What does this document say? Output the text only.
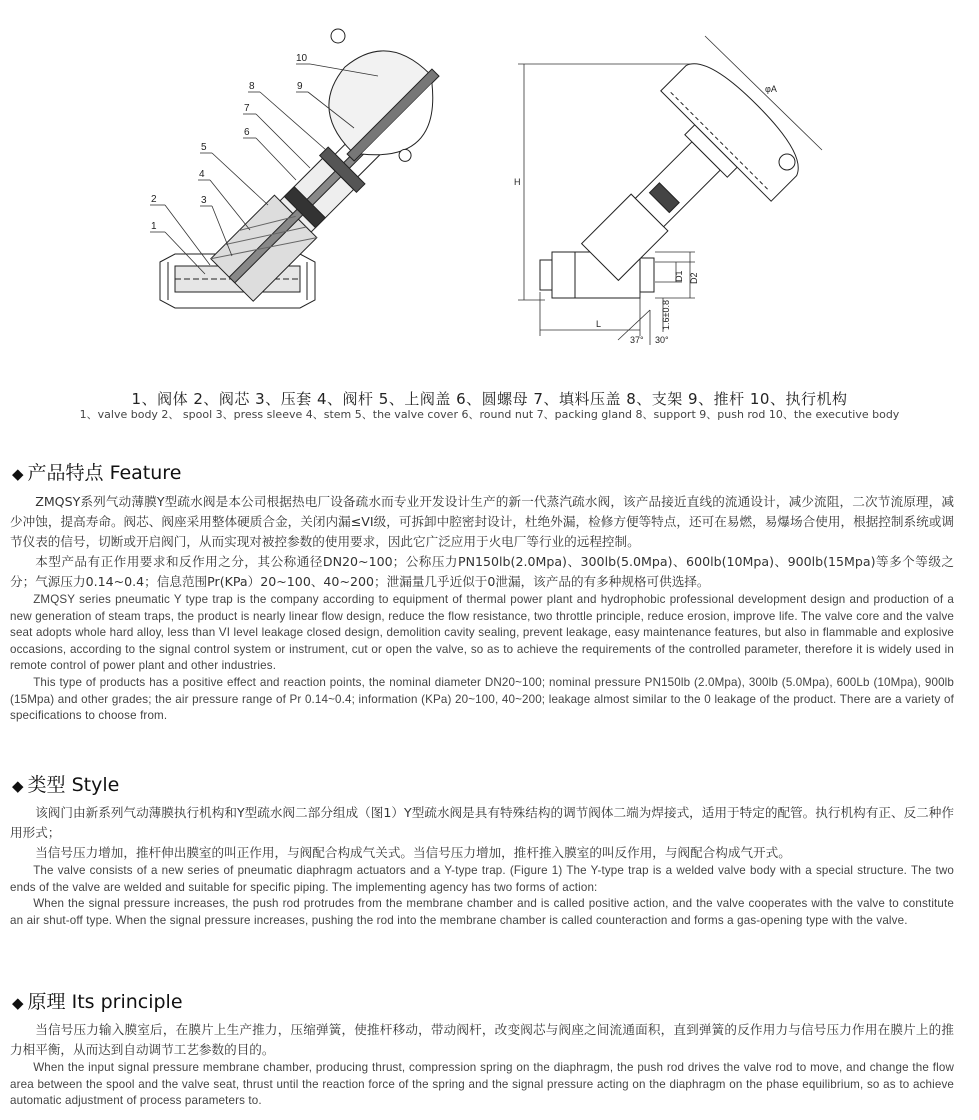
1
2	3
4
5
6
7
8	9
10
H
φA
L
37° 30°
D1 D2
1.6±0.8
1、阀体 2、阀芯 3、压套 4、阀杆 5、上阀盖 6、圆螺母 7、填料压盖 8、支架 9、推杆 10、执行机构
1、valve body 2、 spool 3、press sleeve 4、stem 5、the valve cover 6、round nut 7、packing gland 8、support 9、push rod 10、the executive body
◆ 产品特点 Feature

ZMQSY系列气动薄膜Y型疏水阀是本公司根据热电厂设备疏水而专业开发设计生产的新一代蒸汽疏水阀，该产品接近直线的流通设计，减少流阻，二次节流原理，减少冲蚀，提高寿命。阀芯、阀座采用整体硬质合金，关闭内漏≤VI级，可拆卸中腔密封设计，杜绝外漏，检修方便等特点，还可在易燃，易爆场合使用，根据控制系统或调节仪表的信号，切断或开启阀门，从而实现对被控参数的使用要求，因此它广泛应用于火电厂等行业的远程控制。

本型产品有正作用要求和反作用之分，其公称通径DN20~100；公称压力PN150lb(2.0Mpa)、300lb(5.0Mpa)、600lb(10Mpa)、900lb(15Mpa)等多个等级之分；气源压力0.14~0.4；信息范围Pr(KPa）20~100、40~200；泄漏量几乎近似于0泄漏，该产品的有多种规格可供选择。

ZMQSY series pneumatic Y type trap is the company according to equipment of thermal power plant and hydrophobic professional development design and production of a new generation of steam traps, the product is nearly linear flow design, reduce the flow resistance, two throttle principle, reduce erosion, improve life. The valve core and the valve seat adopts whole hard alloy, less than VI level leakage closed design, demolition cavity sealing, prevent leakage, easy maintenance features, but also in flammable and explosive occasions, according to the signal control system or instrument, cut or open the valve, so as to achieve the requirements of the controlled parameter, therefore it is widely used in remote control of power plant and other industries.

This type of products has a positive effect and reaction points, the nominal diameter DN20~100; nominal pressure PN150lb (2.0Mpa), 300lb (5.0Mpa), 600Lb (10Mpa), 900lb (15Mpa) and other grades; the air pressure range of Pr 0.14~0.4; information (KPa) 20~100, 40~200; leakage almost similar to the 0 leakage of the product. There are a variety of specifications to choose from.

◆ 类型 Style

该阀门由新系列气动薄膜执行机构和Y型疏水阀二部分组成（图1）Y型疏水阀是具有特殊结构的调节阀体二端为焊接式，适用于特定的配管。执行机构有正、反二种作用形式；

当信号压力增加，推杆伸出膜室的叫正作用，与阀配合构成气关式。当信号压力增加，推杆推入膜室的叫反作用，与阀配合构成气开式。

The valve consists of a new series of pneumatic diaphragm actuators and a Y-type trap. (Figure 1) The Y-type trap is a welded valve body with a special structure. The two ends of the valve are welded and suitable for specific piping. The implementing agency has two forms of action:

When the signal pressure increases, the push rod protrudes from the membrane chamber and is called positive action, and the valve cooperates with the valve to constitute an air shut-off type. When the signal pressure increases, pushing the rod into the membrane chamber is called counteraction and forms a gas-opening type with the valve.

◆ 原理 Its principle

当信号压力输入膜室后，在膜片上生产推力，压缩弹簧，使推杆移动，带动阀杆，改变阀芯与阀座之间流通面积，直到弹簧的反作用力与信号压力作用在膜片上的推力相平衡，从而达到自动调节工艺参数的目的。

When the input signal pressure membrane chamber, producing thrust, compression spring on the diaphragm, the push rod drives the valve rod to move, and change the flow area between the spool and the valve seat, thrust until the reaction force of the spring and the signal pressure acting on the diaphragm on the phase equilibrium, so as to achieve automatic adjustment of process parameters to.
